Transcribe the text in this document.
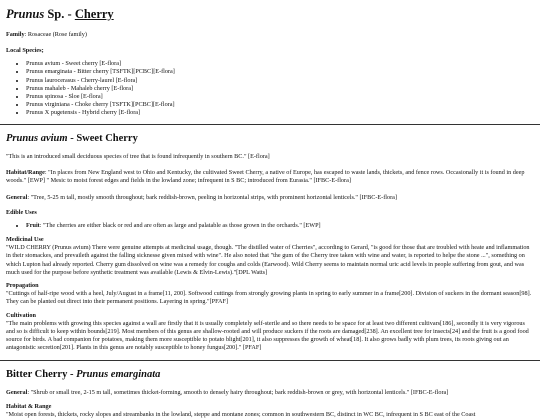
Prunus Sp. - Cherry

Family: Rosaceae (Rose family)

Local Species;

• Prunus avium - Sweet cherry [E-flora]
• Prunus emarginata - Bitter cherry [TSFTK][PCBC][E-flora]
• Prunus laurocerasus - Cherry-laurel [E-flora]
• Prunus mahaleb - Mahaleb cherry [E-flora]
• Prunus spinosa - Sloe [E-flora]
• Prunus virginiana - Choke cherry [TSFTK][PCBC][E-flora]
• Prunus X pugetensis - Hybrid cherry [E-flora]
Prunus avium - Sweet Cherry

"This is an introduced small deciduous species of tree that is found infrequently in southern BC." [E-flora]

Habitat/Range: "In places from New England west to Ohio and Kentucky, the cultivated Sweet Cherry, a native of Europe, has escaped to waste lands, thickets, and fence rows. Occasionally it is found in deep woods." [EWP] " Mesic to moist forest edges and fields in the lowland zone; infrequent in S BC; introduced from Eurasia." [IFBC-E-flora]

General: "Tree, 5-25 m tall, mostly smooth throughout; bark reddish-brown, peeling in horizontal strips, with prominent horizontal lenticels." [IFBC-E-flora]

Edible Uses

• Fruit: "The cherries are either black or red and are often as large and palatable as those grown in the orchards." [EWP]

Medicinal Use

"WILD CHERRY (Prunus avium) There were genuine attempts at medicinal usage, though. "The distilled water of Cherries", according to Gerard, "is good for those that are troubled with heate and inflammation in their stomackes, and prevaileth against the falling sicknesse given mixed with wine". He also noted that "the gum of the Cherry tree taken with wine and water, is reported to helpe the stone ...", something on which Lupton had already reported. Cherry gum dissolved on wine was a remedy for coughs and colds (Earwood). Wild Cherry seems to maintain normal uric acid levels in people suffering from gout, and was much used for the purpose before synthetic treatment was available (Lewis & Elvin-Lewis)."[DPL Watts]

Propagation

"Cuttings of half-ripe wood with a heel, July/August in a frame[11, 200]. Softwood cuttings from strongly growing plants in spring to early summer in a frame[200]. Division of suckers in the dormant season[98]. They can be planted out direct into their permanent positions. Layering in spring."[PFAF]

Cultivation

"The main problems with growing this species against a wall are firstly that it is usually completely self-sterile and so there needs to be space for at least two different cultivars[186], secondly it is very vigorous and so is difficult to keep within bounds[219]. Most members of this genus are shallow-rooted and will produce suckers if the roots are damaged[238]. An excellent tree for insects[24] and the fruit is a good food source for birds. A bad companion for potatoes, making them more susceptible to potato blight[201], it also suppresses the growth of wheat[18]. It also grows badly with plum trees, its roots giving out an antagonistic secretion[201]. Plants in this genus are notably susceptible to honey fungus[200]." [PFAF]

Bitter Cherry - Prunus emarginata

General: "Shrub or small tree, 2-15 m tall, sometimes thicket-forming, smooth to densely hairy throughout; bark reddish-brown or grey, with horizontal lenticels." [IFBC-E-flora]

Habitat & Range

"Moist open forests, thickets, rocky slopes and streambanks in the lowland, steppe and montane zones; common in southwestern BC, distinct in WC BC, infrequent in S BC east of the Coast
